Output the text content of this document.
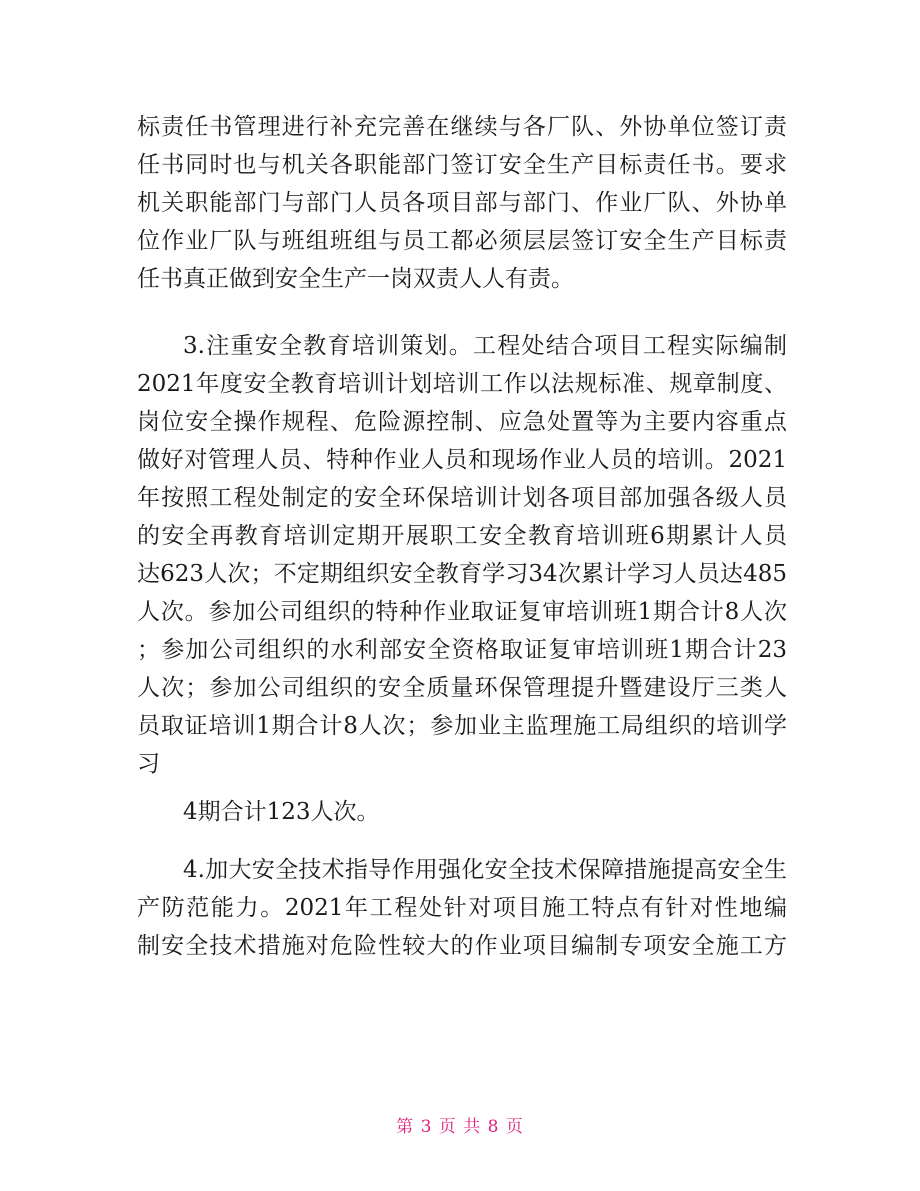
标责任书管理进行补充完善在继续与各厂队、外协单位签订责
任书同时也与机关各职能部门签订安全生产目标责任书。要求
机关职能部门与部门人员各项目部与部门、作业厂队、外协单
位作业厂队与班组班组与员工都必须层层签订安全生产目标责
任书真正做到安全生产一岗双责人人有责。
3.注重安全教育培训策划。工程处结合项目工程实际编制
2021年度安全教育培训计划培训工作以法规标准、规章制度、
岗位安全操作规程、危险源控制、应急处置等为主要内容重点
做好对管理人员、特种作业人员和现场作业人员的培训。2021
年按照工程处制定的安全环保培训计划各项目部加强各级人员
的安全再教育培训定期开展职工安全教育培训班6期累计人员
达623人次；不定期组织安全教育学习34次累计学习人员达485
人次。参加公司组织的特种作业取证复审培训班1期合计8人次
；参加公司组织的水利部安全资格取证复审培训班1期合计23
人次；参加公司组织的安全质量环保管理提升暨建设厅三类人
员取证培训1期合计8人次；参加业主监理施工局组织的培训学
习
4期合计123人次。
4.加大安全技术指导作用强化安全技术保障措施提高安全生
产防范能力。2021年工程处针对项目施工特点有针对性地编
制安全技术措施对危险性较大的作业项目编制专项安全施工方
第 3 页 共 8 页
